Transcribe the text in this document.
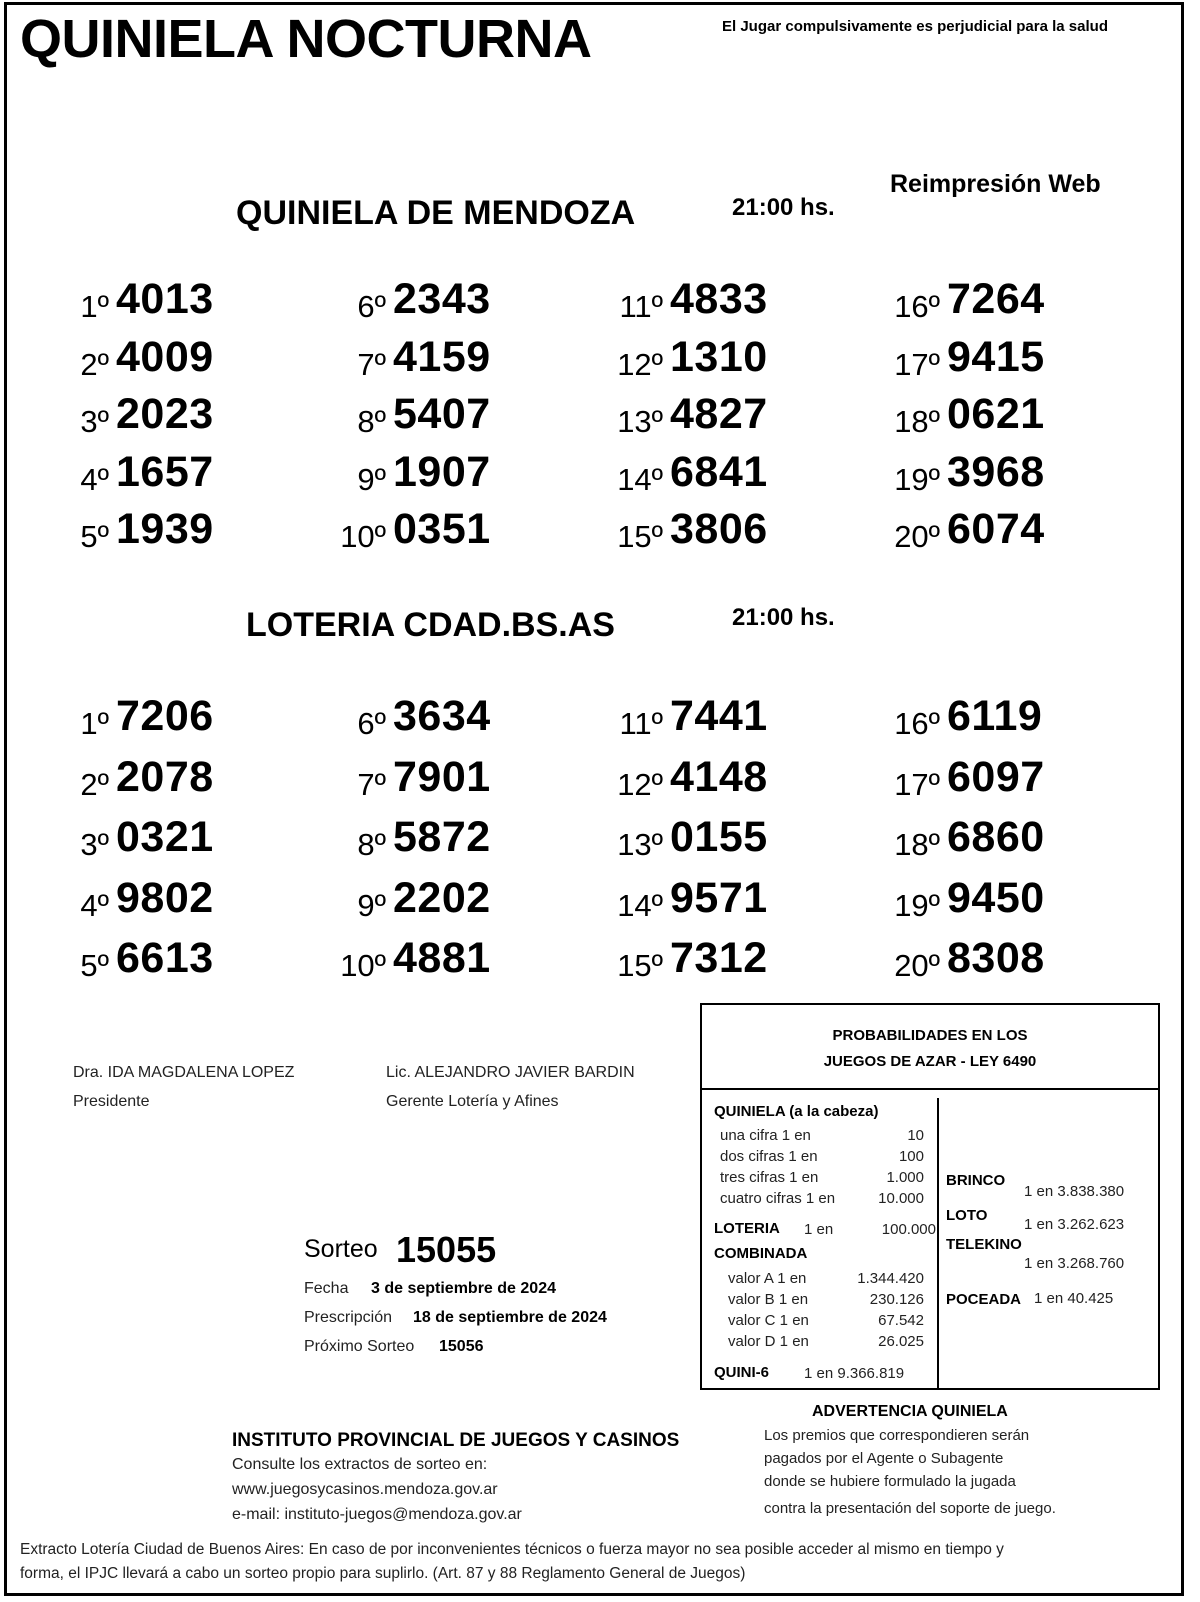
QUINIELA NOCTURNA	El Jugar compulsivamente es perjudicial para la salud
Reimpresión Web
QUINIELA DE MENDOZA	21:00 hs.
1º 4013
2º 4009
3º 2023
4º 1657
5º 1939
6º 2343
7º 4159
8º 5407
9º 1907
10º 0351
11º 4833
12º 1310
13º 4827
14º 6841
15º 3806
16º 7264
17º 9415
18º 0621
19º 3968
20º 6074
LOTERIA CDAD.BS.AS	21:00 hs.
1º 7206
2º 2078
3º 0321
4º 9802
5º 6613
6º 3634
7º 7901
8º 5872
9º 2202
10º 4881
11º 7441
12º 4148
13º 0155
14º 9571
15º 7312
16º 6119
17º 6097
18º 6860
19º 9450
20º 8308
Dra. IDA MAGDALENA LOPEZ
Presidente
Lic. ALEJANDRO JAVIER BARDIN
Gerente Lotería y Afines
PROBABILIDADES EN LOS
JUEGOS DE AZAR - LEY 6490
QUINIELA (a la cabeza)
una cifra 1 en	10
dos cifras 1 en	100
tres cifras 1 en	1.000
cuatro cifras 1 en	10.000
LOTERIA 1 en	100.000
COMBINADA
valor A 1 en	1.344.420
valor B 1 en	230.126
valor C 1 en	67.542
valor D 1 en	26.025
QUINI-6 1 en 9.366.819
BRINCO
1 en 3.838.380
LOTO
1 en 3.262.623
TELEKINO
1 en 3.268.760
POCEADA 1 en 40.425
Sorteo 15055
Fecha 3 de septiembre de 2024
Prescripción 18 de septiembre de 2024
Próximo Sorteo 15056
INSTITUTO PROVINCIAL DE JUEGOS Y CASINOS
Consulte los extractos de sorteo en:
www.juegosycasinos.mendoza.gov.ar
e-mail: instituto-juegos@mendoza.gov.ar
ADVERTENCIA QUINIELA
Los premios que correspondieren serán
pagados por el Agente o Subagente
donde se hubiere formulado la jugada
contra la presentación del soporte de juego.
Extracto Lotería Ciudad de Buenos Aires: En caso de por inconvenientes técnicos o fuerza mayor no sea posible acceder al mismo en tiempo y
forma, el IPJC llevará a cabo un sorteo propio para suplirlo. (Art. 87 y 88 Reglamento General de Juegos)
